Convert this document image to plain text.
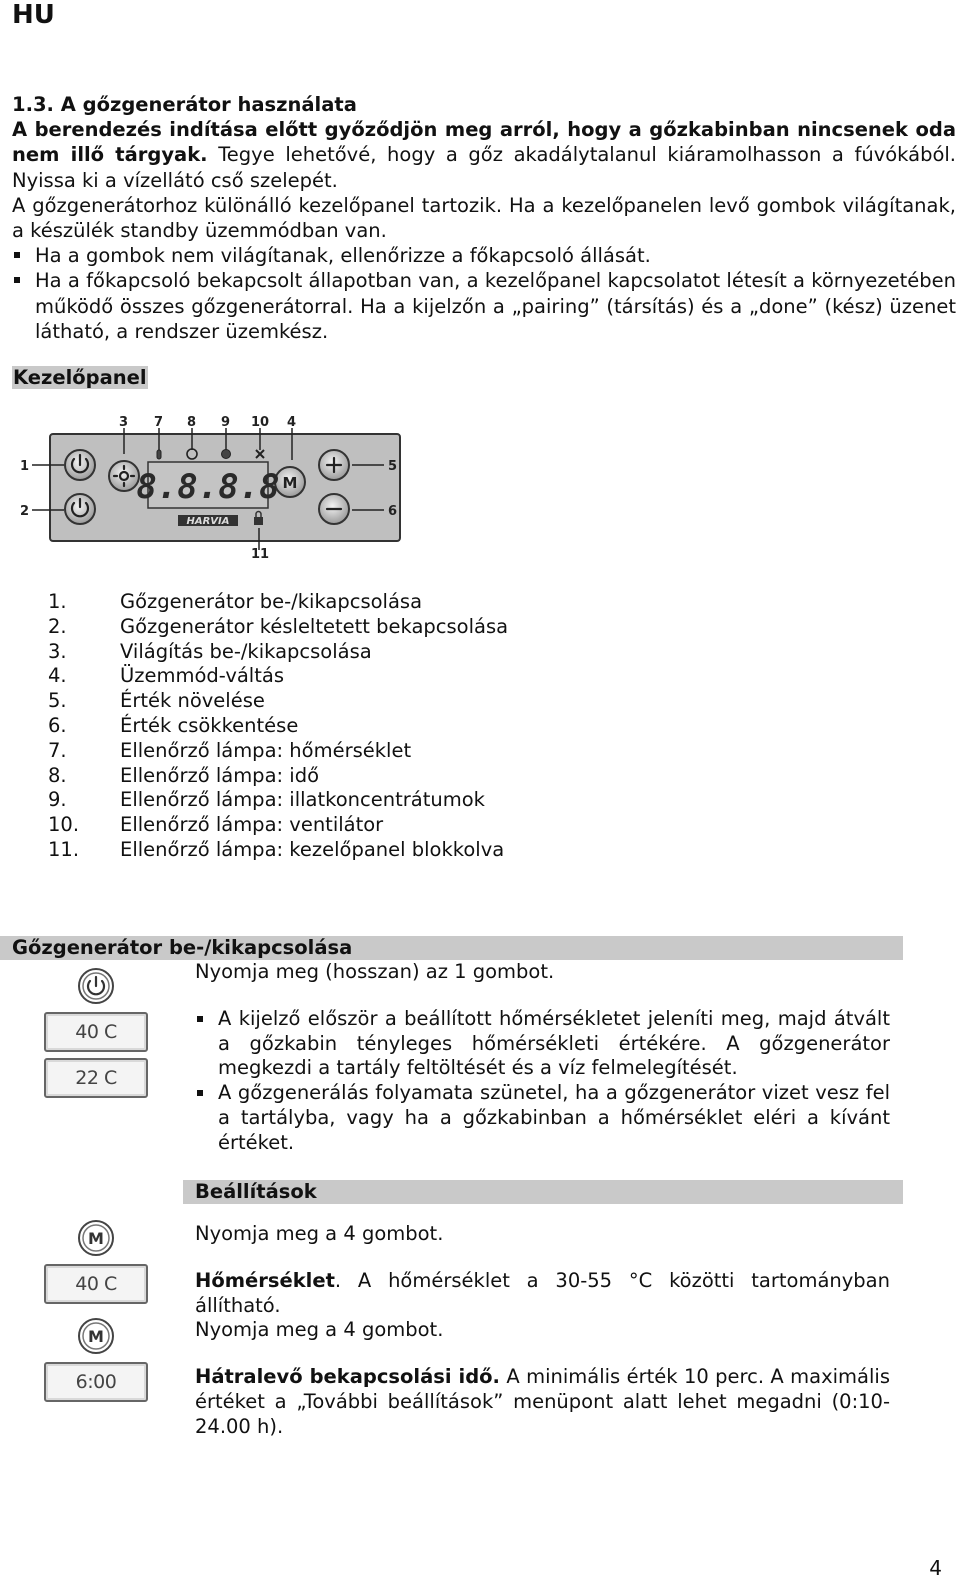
HU

1.3. A gőzgenerátor használata

A berendezés indítása előtt győződjön meg arról, hogy a gőzkabinban nincsenek oda nem illő tárgyak. Tegye lehetővé, hogy a gőz akadálytalanul kiáramolhasson a fúvókából. Nyissa ki a vízellátó cső szelepét.

A gőzgenerátorhoz különálló kezelőpanel tartozik. Ha a kezelőpanelen levő gombok világítanak, a készülék standby üzemmódban van.

Ha a gombok nem világítanak, ellenőrizze a főkapcsoló állását.
Ha a főkapcsoló bekapcsolt állapotban van, a kezelőpanel kapcsolatot létesít a környezetében működő összes gőzgenerátorral. Ha a kijelzőn a „pairing” (társítás) és a „done” (kész) üzenet látható, a rendszer üzemkész.
Kezelőpanel
1
2
3 7 8 9 10 4
5
6
11
M
8.8.8.8
HARVIA
1.	Gőzgenerátor be-/kikapcsolása
2.	Gőzgenerátor késleltetett bekapcsolása
3.	Világítás be-/kikapcsolása
4.	Üzemmód-váltás
5.	Érték növelése
6.	Érték csökkentése
7.	Ellenőrző lámpa: hőmérséklet
8.	Ellenőrző lámpa: idő
9.	Ellenőrző lámpa: illatkoncentrátumok
10.	Ellenőrző lámpa: ventilátor
11.	Ellenőrző lámpa: kezelőpanel blokkolva
Gőzgenerátor be-/kikapcsolása
40 C
22 C

Nyomja meg (hosszan) az 1 gombot.

A kijelző először a beállított hőmérsékletet jeleníti meg, majd átvált a gőzkabin tényleges hőmérsékleti értékére. A gőzgenerátor megkezdi a tartály feltöltését és a víz felmelegítését.
A gőzgenerálás folyamata szünetel, ha a gőzgenerátor vizet vesz fel a tartályba, vagy ha a gőzkabinban a hőmérséklet eléri a kívánt értéket.
Beállítások
M
40 C
M
6:00

Nyomja meg a 4 gombot.

Hőmérséklet. A hőmérséklet a 30-55 °C közötti tartományban állítható.

Nyomja meg a 4 gombot.

Hátralevő bekapcsolási idő. A minimális érték 10 perc. A maximális értéket a „További beállítások” menüpont alatt lehet megadni (0:10-24.00 h).

4
